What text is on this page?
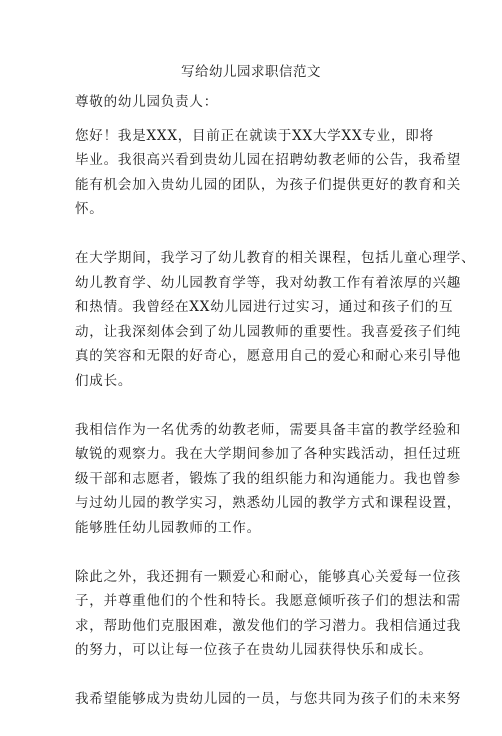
写给幼儿园求职信范文
尊敬的幼儿园负责人：
您好！我是XXX，目前正在就读于XX大学XX专业，即将
毕业。我很高兴看到贵幼儿园在招聘幼教老师的公告，我希望
能有机会加入贵幼儿园的团队，为孩子们提供更好的教育和关
怀。
在大学期间，我学习了幼儿教育的相关课程，包括儿童心理学、
幼儿教育学、幼儿园教育学等，我对幼教工作有着浓厚的兴趣
和热情。我曾经在XX幼儿园进行过实习，通过和孩子们的互
动，让我深刻体会到了幼儿园教师的重要性。我喜爱孩子们纯
真的笑容和无限的好奇心，愿意用自己的爱心和耐心来引导他
们成长。
我相信作为一名优秀的幼教老师，需要具备丰富的教学经验和
敏锐的观察力。我在大学期间参加了各种实践活动，担任过班
级干部和志愿者，锻炼了我的组织能力和沟通能力。我也曾参
与过幼儿园的教学实习，熟悉幼儿园的教学方式和课程设置，
能够胜任幼儿园教师的工作。
除此之外，我还拥有一颗爱心和耐心，能够真心关爱每一位孩
子，并尊重他们的个性和特长。我愿意倾听孩子们的想法和需
求，帮助他们克服困难，激发他们的学习潜力。我相信通过我
的努力，可以让每一位孩子在贵幼儿园获得快乐和成长。
我希望能够成为贵幼儿园的一员，与您共同为孩子们的未来努
